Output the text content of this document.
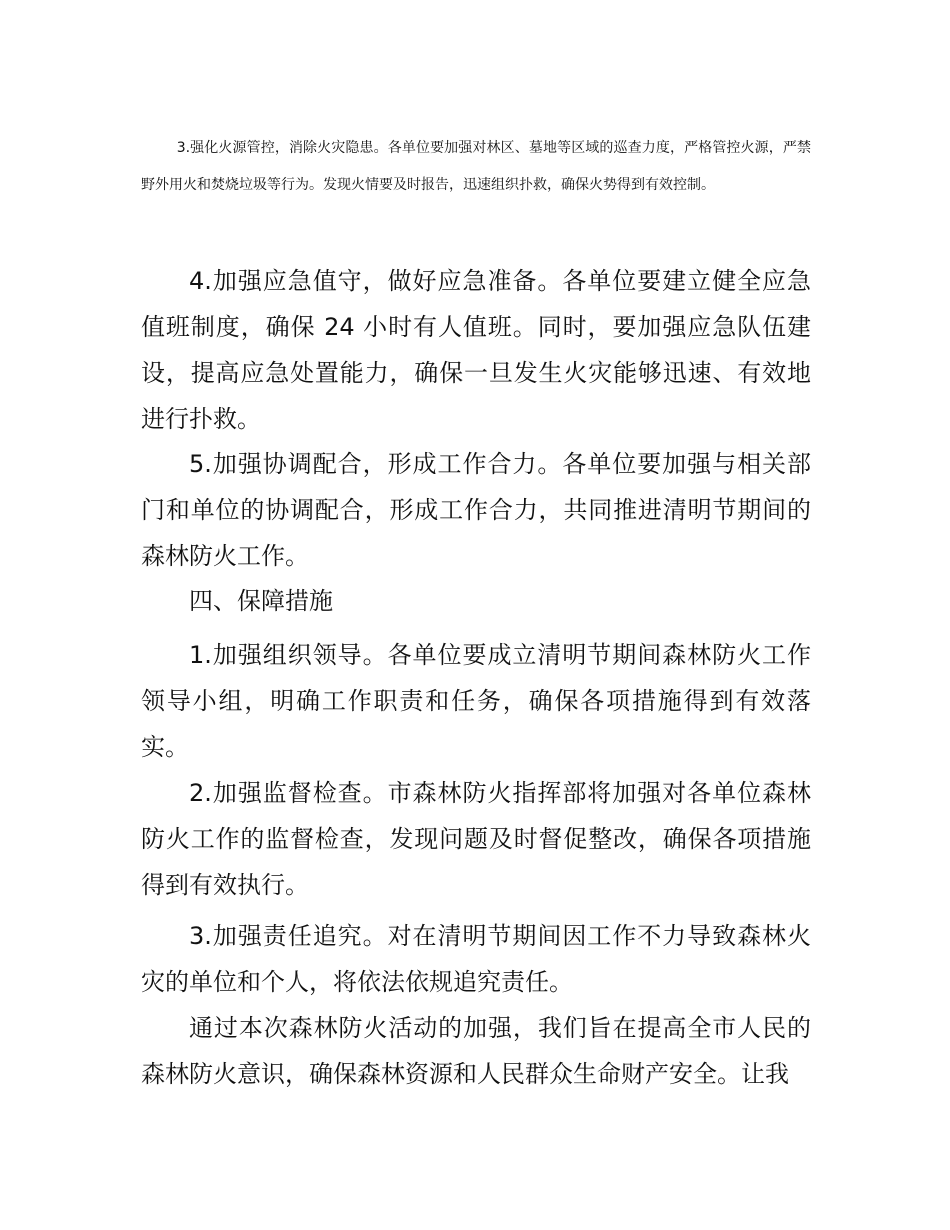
3.强化火源管控，消除火灾隐患。各单位要加强对林区、墓地等区域的巡查力度，严格管控火源，严禁野外用火和焚烧垃圾等行为。发现火情要及时报告，迅速组织扑救，确保火势得到有效控制。

4.加强应急值守，做好应急准备。各单位要建立健全应急值班制度，确保 24 小时有人值班。同时，要加强应急队伍建设，提高应急处置能力，确保一旦发生火灾能够迅速、有效地进行扑救。

5.加强协调配合，形成工作合力。各单位要加强与相关部门和单位的协调配合，形成工作合力，共同推进清明节期间的森林防火工作。

四、保障措施

1.加强组织领导。各单位要成立清明节期间森林防火工作领导小组，明确工作职责和任务，确保各项措施得到有效落实。

2.加强监督检查。市森林防火指挥部将加强对各单位森林防火工作的监督检查，发现问题及时督促整改，确保各项措施得到有效执行。

3.加强责任追究。对在清明节期间因工作不力导致森林火灾的单位和个人，将依法依规追究责任。

通过本次森林防火活动的加强，我们旨在提高全市人民的森林防火意识，确保森林资源和人民群众生命财产安全。让我
